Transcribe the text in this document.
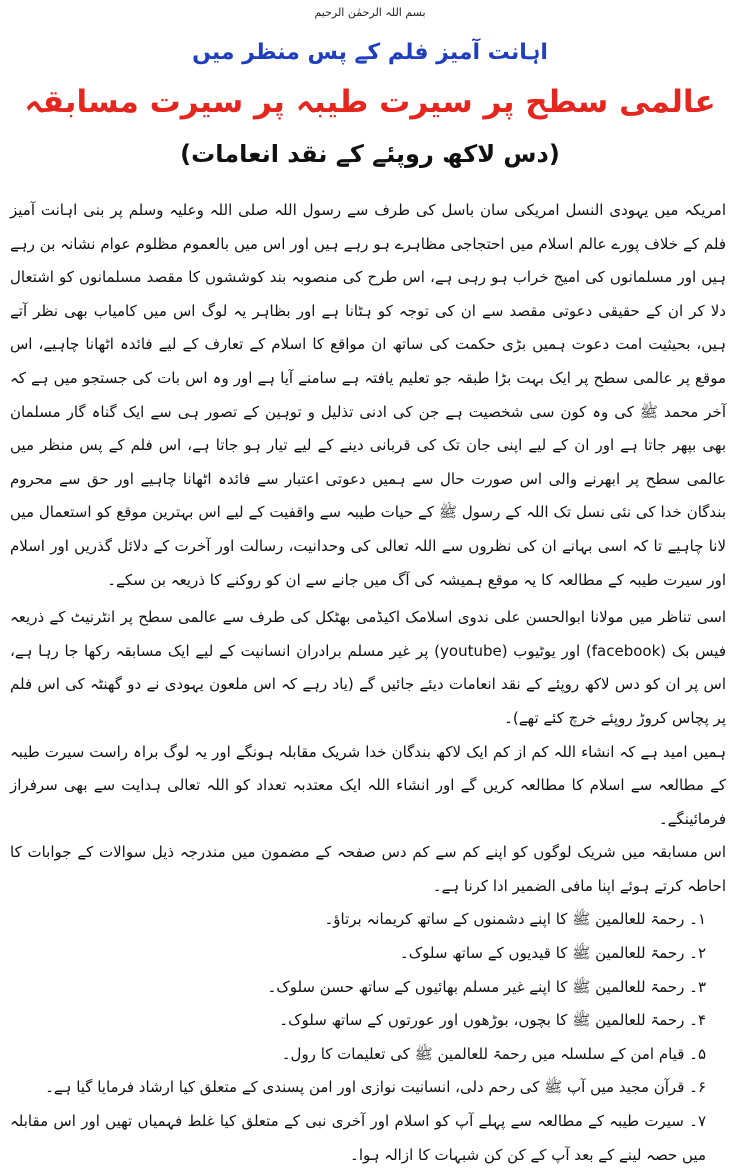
بسم اللہ الرحمٰن الرحیم
اہانت آمیز فلم کے پس منظر میں
عالمی سطح پر سیرت طیبہ پر سیرت مسابقہ
(دس لاکھ روپئے کے نقد انعامات)

امریکہ میں یہودی النسل امریکی سان باسل کی طرف سے رسول اللہ صلی اللہ وعلیہ وسلم پر بنی اہانت آمیز فلم کے خلاف پورے عالم اسلام میں احتجاجی مظاہرے ہو رہے ہیں اور اس میں بالعموم مظلوم عوام نشانہ بن رہے ہیں اور مسلمانوں کی امیج خراب ہو رہی ہے، اس طرح کی منصوبہ بند کوششوں کا مقصد مسلمانوں کو اشتعال دلا کر ان کے حقیقی دعوتی مقصد سے ان کی توجہ کو ہٹانا ہے اور بظاہر یہ لوگ اس میں کامیاب بھی نظر آتے ہیں، بحیثیت امت دعوت ہمیں بڑی حکمت کی ساتھ ان مواقع کا اسلام کے تعارف کے لیے فائدہ اٹھانا چاہیے، اس موقع پر عالمی سطح پر ایک بہت بڑا طبقہ جو تعلیم یافتہ ہے سامنے آیا ہے اور وہ اس بات کی جستجو میں ہے کہ آخر محمد ﷺ کی وہ کون سی شخصیت ہے جن کی ادنی تذلیل و توہین کے تصور ہی سے ایک گناہ گار مسلمان بھی بپھر جاتا ہے اور ان کے لیے اپنی جان تک کی قربانی دینے کے لیے تیار ہو جاتا ہے، اس فلم کے پس منظر میں عالمی سطح پر ابھرنے والی اس صورت حال سے ہمیں دعوتی اعتبار سے فائدہ اٹھانا چاہیے اور حق سے محروم بندگان خدا کی نئی نسل تک اللہ کے رسول ﷺ کے حیات طیبہ سے واقفیت کے لیے اس بہترین موقع کو استعمال میں لانا چاہیے تا کہ اسی بہانے ان کی نظروں سے اللہ تعالی کی وحدانیت، رسالت اور آخرت کے دلائل گذریں اور اسلام اور سیرت طیبہ کے مطالعہ کا یہ موقع ہمیشہ کی آگ میں جانے سے ان کو روکنے کا ذریعہ بن سکے۔

اسی تناظر میں مولانا ابوالحسن علی ندوی اسلامک اکیڈمی بھٹکل کی طرف سے عالمی سطح پر انٹرنیٹ کے ذریعہ فیس بک (facebook) اور یوٹیوب (youtube) پر غیر مسلم برادران انسانیت کے لیے ایک مسابقہ رکھا جا رہا ہے، اس پر ان کو دس لاکھ روپئے کے نقد انعامات دیئے جائیں گے (یاد رہے کہ اس ملعون یہودی نے دو گھنٹہ کی اس فلم پر پچاس کروڑ روپئے خرچ کئے تھے)۔

ہمیں امید ہے کہ انشاء اللہ کم از کم ایک لاکھ بندگان خدا شریک مقابلہ ہونگے اور یہ لوگ براہ راست سیرت طیبہ کے مطالعہ سے اسلام کا مطالعہ کریں گے اور انشاء اللہ ایک معتدبہ تعداد کو اللہ تعالی ہدایت سے بھی سرفراز فرمائینگے۔

اس مسابقہ میں شریک لوگوں کو اپنے کم سے کم دس صفحہ کے مضمون میں مندرجہ ذیل سوالات کے جوابات کا احاطہ کرتے ہوئے اپنا مافی الضمیر ادا کرنا ہے۔

۱۔ رحمۃ للعالمین ﷺ کا اپنے دشمنوں کے ساتھ کریمانہ برتاؤ۔
۲۔ رحمۃ للعالمین ﷺ کا قیدیوں کے ساتھ سلوک۔
۳۔ رحمۃ للعالمین ﷺ کا اپنے غیر مسلم بھائیوں کے ساتھ حسن سلوک۔
۴۔ رحمۃ للعالمین ﷺ کا بچوں، بوڑھوں اور عورتوں کے ساتھ سلوک۔
۵۔ قیام امن کے سلسلہ میں رحمۃ للعالمین ﷺ کی تعلیمات کا رول۔
۶۔ قرآن مجید میں آپ ﷺ کی رحم دلی، انسانیت نوازی اور امن پسندی کے متعلق کیا ارشاد فرمایا گیا ہے۔
۷۔ سیرت طیبہ کے مطالعہ سے پہلے آپ کو اسلام اور آخری نبی کے متعلق کیا غلط فہمیاں تھیں اور اس مقابلہ میں حصہ لینے کے بعد آپ کے کن کن شبہات کا ازالہ ہوا۔
